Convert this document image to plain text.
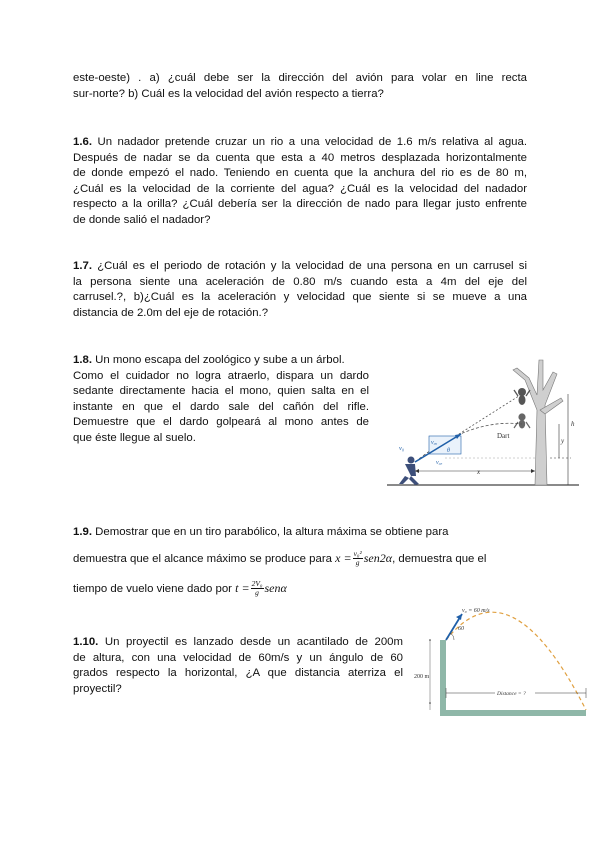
este-oeste) . a) ¿cuál debe ser la dirección del avión para volar en line recta
sur-norte? b) Cuál es la velocidad del avión respecto a tierra?
1.6. Un nadador pretende cruzar un rio a una velocidad de 1.6 m/s relativa al agua.
Después de nadar se da cuenta que esta a 40 metros desplazada horizontalmente
de donde empezó el nado. Teniendo en cuenta que la anchura del rio es de 80 m,
¿Cuál es la velocidad de la corriente del agua? ¿Cuál es la velocidad del nadador
respecto a la orilla? ¿Cuál debería ser la dirección de nado para llegar justo enfrente
de donde salió el nadador?
1.7. ¿Cuál es el periodo de rotación y la velocidad de una persona en un carrusel si
la persona siente una aceleración de 0.80 m/s cuando esta a 4m del eje del
carrusel.?, b)¿Cuál es la aceleración y velocidad que siente si se mueve a una
distancia de 2.0m del eje de rotación.?
1.8. Un mono escapa del zoológico y sube a un árbol.
Como el cuidador no logra atraerlo, dispara un dardo
sedante directamente hacia el mono, quien salta en el
instante en que el dardo sale del cañón del rifle.
Demuestre que el dardo golpeará al mono antes de
que éste llegue al suelo.	Dart
v₀
v₀ᵧ
v₀ₓ
θ
x
y
h
1.9. Demostrar que en un tiro parabólico, la altura máxima se obtiene para
demuestra que el alcance máximo se produce para $x = \frac{\text{v₀²}}{g} sen2\alpha$, demuestra que el
tiempo de vuelo viene dado por $t = \frac{\text{2V₀}}{g}$ senα
1.10. Un proyectil es lanzado desde un acantilado de 200m
de altura, con una velocidad de 60m/s y un ángulo de 60
grados respecto la horizontal, ¿A que distancia aterriza el
proyectil?
60
v₀ = 60 m/s
200 m
Distance = ?
